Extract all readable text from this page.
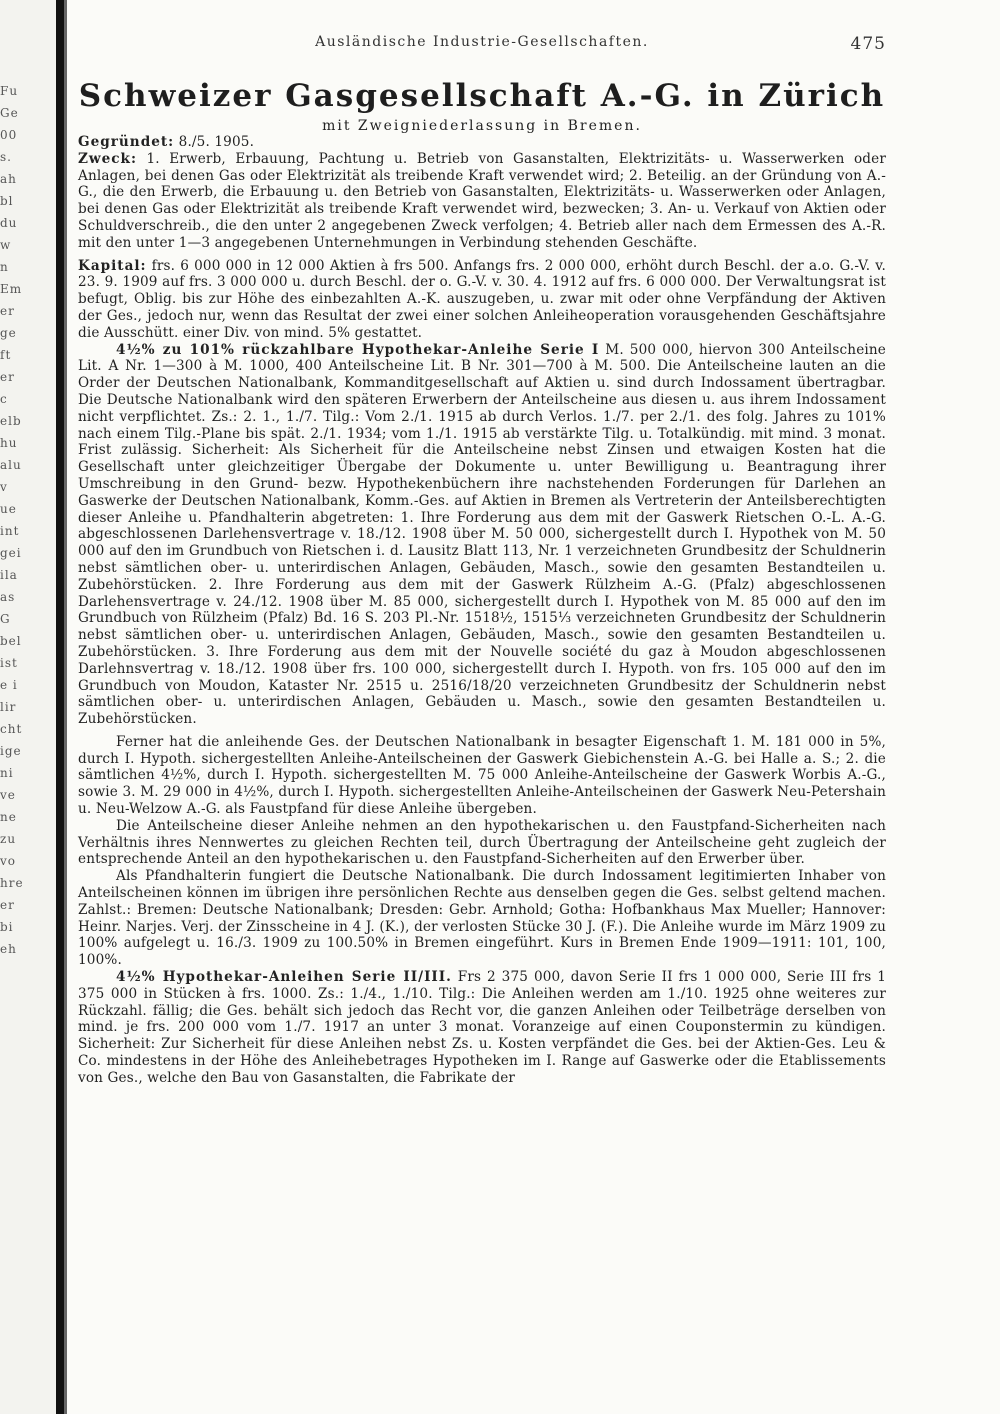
Fu
Ge
00
s.
ah
bl
du
w
n
Em
er
ge
ft
er
c
elb
hu
alu
v
ue
int
gei
ila
as
G
bel
ist
e i
lir
cht
ige
ni
ve
ne
zu
vo
hre
er
bi
eh
Ausländische Industrie-Gesellschaften.	475
Schweizer Gasgesellschaft A.-G. in Zürich
mit Zweigniederlassung in Bremen.

Gegründet: 8./5. 1905.

Zweck: 1. Erwerb, Erbauung, Pachtung u. Betrieb von Gasanstalten, Elektrizitäts- u. Wasserwerken oder Anlagen, bei denen Gas oder Elektrizität als treibende Kraft verwendet wird; 2. Beteilig. an der Gründung von A.-G., die den Erwerb, die Erbauung u. den Betrieb von Gasanstalten, Elektrizitäts- u. Wasserwerken oder Anlagen, bei denen Gas oder Elektrizität als treibende Kraft verwendet wird, bezwecken; 3. An- u. Verkauf von Aktien oder Schuldverschreib., die den unter 2 angegebenen Zweck verfolgen; 4. Betrieb aller nach dem Ermessen des A.-R. mit den unter 1—3 angegebenen Unternehmungen in Verbindung stehenden Geschäfte.

Kapital: frs. 6 000 000 in 12 000 Aktien à frs 500. Anfangs frs. 2 000 000, erhöht durch Beschl. der a.o. G.-V. v. 23. 9. 1909 auf frs. 3 000 000 u. durch Beschl. der o. G.-V. v. 30. 4. 1912 auf frs. 6 000 000. Der Verwaltungsrat ist befugt, Oblig. bis zur Höhe des einbezahlten A.-K. auszugeben, u. zwar mit oder ohne Verpfändung der Aktiven der Ges., jedoch nur, wenn das Resultat der zwei einer solchen Anleiheoperation vorausgehenden Geschäftsjahre die Ausschütt. einer Div. von mind. 5% gestattet.

4½% zu 101% rückzahlbare Hypothekar-Anleihe Serie I M. 500 000, hiervon 300 Anteilscheine Lit. A Nr. 1—300 à M. 1000, 400 Anteilscheine Lit. B Nr. 301—700 à M. 500. Die Anteilscheine lauten an die Order der Deutschen Nationalbank, Kommanditgesellschaft auf Aktien u. sind durch Indossament übertragbar. Die Deutsche Nationalbank wird den späteren Erwerbern der Anteilscheine aus diesen u. aus ihrem Indossament nicht verpflichtet. Zs.: 2. 1., 1./7. Tilg.: Vom 2./1. 1915 ab durch Verlos. 1./7. per 2./1. des folg. Jahres zu 101% nach einem Tilg.-Plane bis spät. 2./1. 1934; vom 1./1. 1915 ab verstärkte Tilg. u. Totalkündig. mit mind. 3 monat. Frist zulässig. Sicherheit: Als Sicherheit für die Anteilscheine nebst Zinsen und etwaigen Kosten hat die Gesellschaft unter gleichzeitiger Übergabe der Dokumente u. unter Bewilligung u. Beantragung ihrer Umschreibung in den Grund- bezw. Hypothekenbüchern ihre nachstehenden Forderungen für Darlehen an Gaswerke der Deutschen Nationalbank, Komm.-Ges. auf Aktien in Bremen als Vertreterin der Anteilsberechtigten dieser Anleihe u. Pfandhalterin abgetreten: 1. Ihre Forderung aus dem mit der Gaswerk Rietschen O.-L. A.-G. abgeschlossenen Darlehensvertrage v. 18./12. 1908 über M. 50 000, sichergestellt durch I. Hypothek von M. 50 000 auf den im Grundbuch von Rietschen i. d. Lausitz Blatt 113, Nr. 1 verzeichneten Grundbesitz der Schuldnerin nebst sämtlichen ober- u. unterirdischen Anlagen, Gebäuden, Masch., sowie den gesamten Bestandteilen u. Zubehörstücken. 2. Ihre Forderung aus dem mit der Gaswerk Rülzheim A.-G. (Pfalz) abgeschlossenen Darlehensvertrage v. 24./12. 1908 über M. 85 000, sichergestellt durch I. Hypothek von M. 85 000 auf den im Grundbuch von Rülzheim (Pfalz) Bd. 16 S. 203 Pl.-Nr. 1518½, 1515⅓ verzeichneten Grundbesitz der Schuldnerin nebst sämtlichen ober- u. unterirdischen Anlagen, Gebäuden, Masch., sowie den gesamten Bestandteilen u. Zubehörstücken. 3. Ihre Forderung aus dem mit der Nouvelle société du gaz à Moudon abgeschlossenen Darlehnsvertrag v. 18./12. 1908 über frs. 100 000, sichergestellt durch I. Hypoth. von frs. 105 000 auf den im Grundbuch von Moudon, Kataster Nr. 2515 u. 2516/18/20 verzeichneten Grundbesitz der Schuldnerin nebst sämtlichen ober- u. unterirdischen Anlagen, Gebäuden u. Masch., sowie den gesamten Bestandteilen u. Zubehörstücken.

Ferner hat die anleihende Ges. der Deutschen Nationalbank in besagter Eigenschaft 1. M. 181 000 in 5%, durch I. Hypoth. sichergestellten Anleihe-Anteilscheinen der Gaswerk Giebichenstein A.-G. bei Halle a. S.; 2. die sämtlichen 4½%, durch I. Hypoth. sichergestellten M. 75 000 Anleihe-Anteilscheine der Gaswerk Worbis A.-G., sowie 3. M. 29 000 in 4½%, durch I. Hypoth. sichergestellten Anleihe-Anteilscheinen der Gaswerk Neu-Petershain u. Neu-Welzow A.-G. als Faustpfand für diese Anleihe übergeben.

Die Anteilscheine dieser Anleihe nehmen an den hypothekarischen u. den Faustpfand-Sicherheiten nach Verhältnis ihres Nennwertes zu gleichen Rechten teil, durch Übertragung der Anteilscheine geht zugleich der entsprechende Anteil an den hypothekarischen u. den Faustpfand-Sicherheiten auf den Erwerber über.

Als Pfandhalterin fungiert die Deutsche Nationalbank. Die durch Indossament legitimierten Inhaber von Anteilscheinen können im übrigen ihre persönlichen Rechte aus denselben gegen die Ges. selbst geltend machen. Zahlst.: Bremen: Deutsche Nationalbank; Dresden: Gebr. Arnhold; Gotha: Hofbankhaus Max Mueller; Hannover: Heinr. Narjes. Verj. der Zinsscheine in 4 J. (K.), der verlosten Stücke 30 J. (F.). Die Anleihe wurde im März 1909 zu 100% aufgelegt u. 16./3. 1909 zu 100.50% in Bremen eingeführt. Kurs in Bremen Ende 1909—1911: 101, 100, 100%.

4½% Hypothekar-Anleihen Serie II/III. Frs 2 375 000, davon Serie II frs 1 000 000, Serie III frs 1 375 000 in Stücken à frs. 1000. Zs.: 1./4., 1./10. Tilg.: Die Anleihen werden am 1./10. 1925 ohne weiteres zur Rückzahl. fällig; die Ges. behält sich jedoch das Recht vor, die ganzen Anleihen oder Teilbeträge derselben von mind. je frs. 200 000 vom 1./7. 1917 an unter 3 monat. Voranzeige auf einen Couponstermin zu kündigen. Sicherheit: Zur Sicherheit für diese Anleihen nebst Zs. u. Kosten verpfändet die Ges. bei der Aktien-Ges. Leu & Co. mindestens in der Höhe des Anleihebetrages Hypotheken im I. Range auf Gaswerke oder die Etablissements von Ges., welche den Bau von Gasanstalten, die Fabrikate der
